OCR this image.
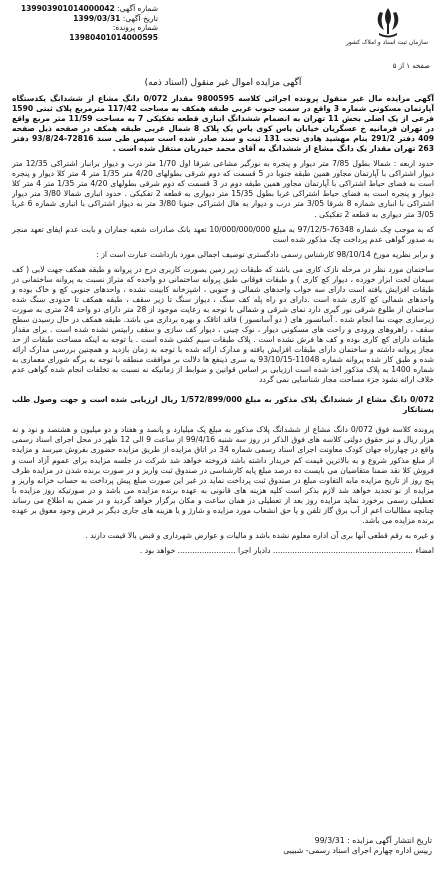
شماره آگهی: 139903901014000042
تاریخ آگهی: 1399/03/31
شماره پرونده:
13980401014000595
سازمان ثبت اسناد و املاک کشور
صفحه ۱ از ۵
آگهی مزایده اموال غیر منقول (اسناد ذمه)

آگهی مزایده مال غیر منقول پرونده اجرائی کلاسه 9800595 مقدار 0/072 دانگ مشاع از ششدانگ یکدستگاه آپارتمان مسکونی شماره 3 واقع در سمت جنوب غربی طبقه همکف به مساحت 117/42 مترمربع پلاک ثبتی 1590 فرعی از یک اصلی بخش 11 تهران به انضمام ششدانگ انباری قطعه تفکیکی 7 به مساحت 11/59 متر مربع واقع در تهران فرمانیه خ عسگریان خیابان یاس کوی یاس یک پلاک 8 شمال غربی طبقه همکف در صفحه ذیل صفحه 409 دفتر 291/2 بنام مهشید هادی تحت 131 ثبت و سند صادر شده است سپس طی سند 72816-93/8/24 دفتر 263 تهران مقدار یک دانگ مشاع از ششدانگ به آقای محمد حیدریان منتقل شده است .

حدود اربعه : شمالا بطول 7/85 متر دیوار و پنجره به نورگیر مشاعی شرقا اول 1/70 متر درب و دیوار برانبار اشتراکی 12/35 متر دیوار اشتراکی با آپارتمان مجاور همین طبقه جنوبا در 5 قسمت که دوم شرقی بطولهای 4/20 متر 1/35 متر 4 متر کلا دیوار و پنجره است به فضای حیاط اشتراکی با آپارتمان مجاور همین طبقه دوم در 3 قسمت که دوم شرقی بطولهای 4/20 متر 1/35 متر 4 متر کلا دیوار و پنجره است به فضای حیاط اشتراکی غربا بطول 15/35 متر دیواری به قطعه 2 تفکیکی . حدود انباری شمالا 3/80 متر دیوار اشتراکی با انباری شماره 8 شرقا 3/05 متر درب و دیوار به هال اشتراکی جنوبا 3/80 متر به دیوار اشتراکی با انباری شماره 6 غربا 3/05 متر دیواری به قطعه 2 تفکیکی .

که به موجب چک شماره 76348-97/12/5 به مبلغ 10/000/000/000 تعهد بانک صادرات شعبه جماران و بابت عدم ایفای تعهد منجر به صدور گواهی عدم پرداخت چک مذکور شده است

و برابر نظریه مورخ 98/10/14 کارشناس رسمی دادگستری توصیف اجمالی مورد بازداشت عبارت است از :

ساختمان مورد نظر در مرحله نازک کاری می باشد که طبقات زیر زمین بصورت کاربری درج در پروانه و طبقه همکف جهت لابی ( کف سیمان لخت ابزار خورده ، دیوار کچ کاری ) و طبقات فوقانی طبق پروانه ساختمانی دو واحده که متراژ نسبت به پروانه ساختمانی در طبقات افزایش یافته است دارای سه خواب واحدهای شمالی و جنوبی ، اشپزخانه کابینت نشده ، واحدهای جنوبی کچ و خاک بوده و واحدهای شمالی کچ کاری شده است .دارای دو راه پله کف سنگ ، دیوار سنگ تا زیر سقف ، طبقه همکف تا حدودی سنگ شده ساختمان از طلوع شرقی نور گیری دارد نمای شرقی و شمالی با توجه به رعایت موجود از 28 متر دارای دو واحد 24 متری به صورت زیرسازی جهت نما انجام شده . آسانسور های ( دو آسانسور ) فاقد اتاقک و بهره برداری می باشد. طبقه همکف در حال رسیدن سطح سقف ، راهروهای ورودی و راحت های مسکونی دیوار ، نوک چینی ، دیوار کف سازی و سقف رابیتس نشده شده است . برای مقدار طبقات دارای کچ کاری بوده و کف ها فرش نشده است . پلاک طبقات سیم کشی شده است . با توجه به اینکه مساحت طبقات از حد مجاز پروانه داشته و ساختمان دارای طبقات افزایش یافته و مدارک ارائه شده با توجه به زمان بازدید و همچنین بررسی مدارک ارائه شده و طبق کار شده پروانه شماره 11048-93/10/15 به سری ذینفع ها دلالت بر موافقت منطقه با توجه به برگه شورای معماری به شماره 1400 به پلاک مذکور اخذ شده است ارزیابی بر اساس قوانین و ضوابط از زمانیکه نه نسبت به تخلفات انجام شده گواهی عدم خلاف ارائه نشود جزء مساحت مجاز شناسایی نمی گردد

0/072 دانگ مشاع از ششدانگ پلاک مذکور به مبلغ 1/572/899/000 ریال ارزیابی شده است و جهت وصول طلب بستانکار

پرونده کلاسه فوق 0/072 دانگ مشاع از ششدانگ پلاک مذکور به مبلغ یک میلیارد و پانصد و هفتاد و دو میلیون و هشتصد و نود و نه هزار ریال و نیز حقوق دولتی کلاسه های فوق الذکر در روز سه شنبه 99/4/16 از ساعت 9 الی 12 ظهر در محل اجرای اسناد رسمی واقع در چهارراه جهان کودک معاونت اجرای اسناد رسمی شماره 34 در اتاق مزایده از طریق مزایده حضوری بفروش میرسد و مزایده از مبلغ مذکور شروع و به بالاترین قیمت کم خریدار داشته باشد فروخته خواهد شد شرکت در جلسه مزایده برای عموم آزاد است و فروش کلا نقد ضمنا متقاضیان می بایست ده درصد مبلغ پایه کارشناسی در صندوق ثبت واریز و در صورت برنده شدن در مزایده ظرف پنج روز از تاریخ مزایده مابه التفاوت مبلغ در صندوق ثبت پرداخت نماید در غیر این صورت مبلغ پیش پرداخت به حساب خزانه واریز و مزایده از نو تجدید خواهد شد لازم بذکر است کلیه هزینه های قانونی به عهده برنده مزایده می باشد و در صورتیکه روز مزایده با تعطیلی رسمی برخورد نماید مزایده روز بعد از تعطیلی در همان ساعت و مکان برگزار خواهد گردید و در ضمن به اطلاع می رساند چنانچه مطالبات اعم از آب برق گاز تلفن و یا حق انشعاب مورد مزایده و شارژ و یا هزینه های جاری دیگر بر فرض وجود معوق بر عهده برنده مزایده می باشد.

و غیره به رقم قطعی آنها بری آن اداره معلوم نشده باشد و مالیات و عوارض شهرداری و قبض بالا قیمت دارند .

امضاء .......................................................... دادیار اجرا ........................ خواهد بود .

تاریخ انتشار آگهی مزایده : 99/3/31
رییس اداره چهارم اجرای اسناد رسمی- شبیبی
